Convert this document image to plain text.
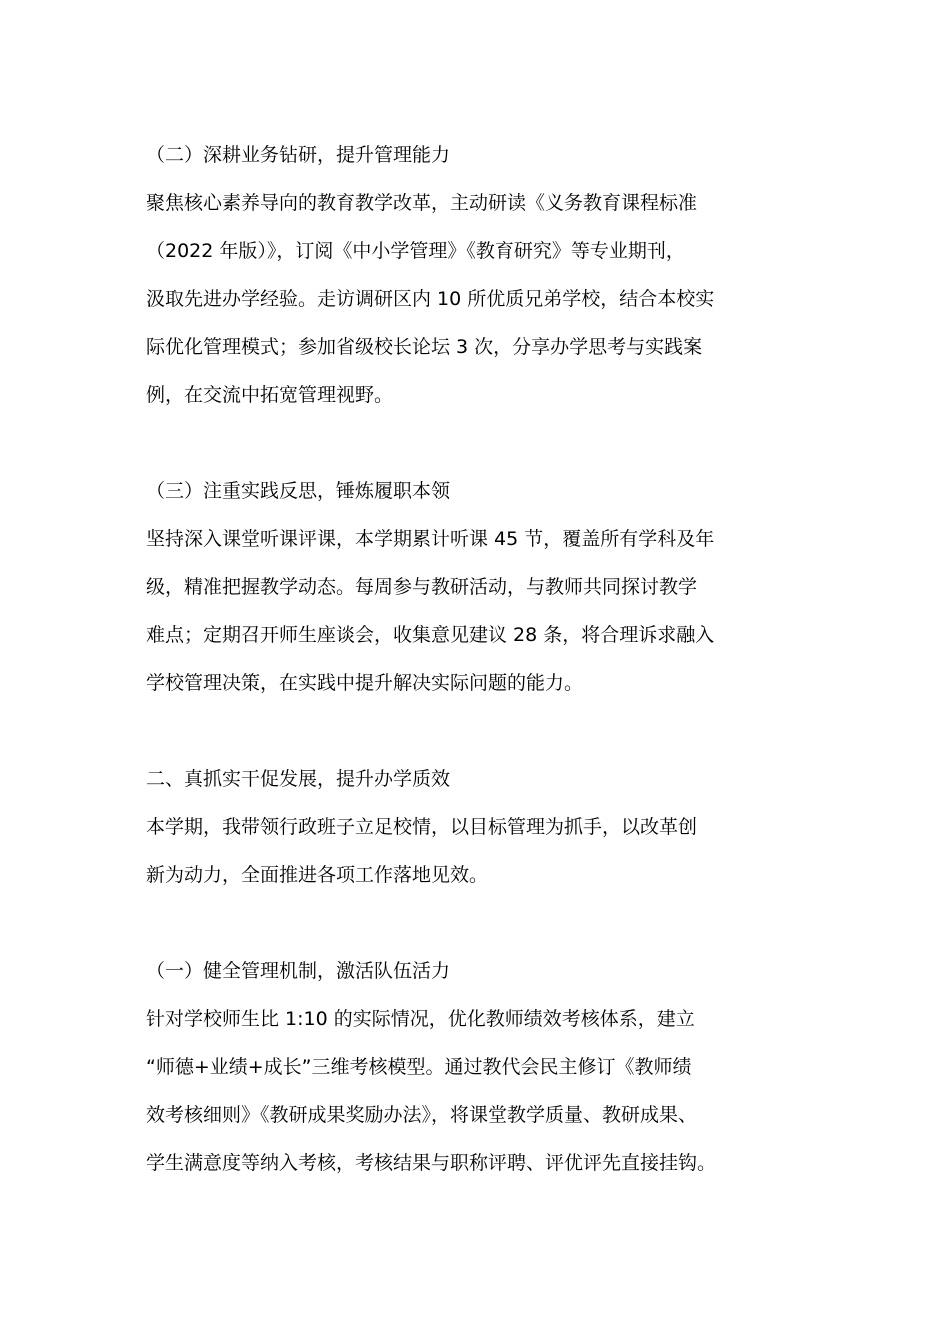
（二）深耕业务钻研，提升管理能力
聚焦核心素养导向的教育教学改革，主动研读《义务教育课程标准
（2022 年版）》，订阅《中小学管理》《教育研究》等专业期刊，
汲取先进办学经验。走访调研区内 10 所优质兄弟学校，结合本校实
际优化管理模式；参加省级校长论坛 3 次，分享办学思考与实践案
例，在交流中拓宽管理视野。
（三）注重实践反思，锤炼履职本领
坚持深入课堂听课评课，本学期累计听课 45 节，覆盖所有学科及年
级，精准把握教学动态。每周参与教研活动，与教师共同探讨教学
难点；定期召开师生座谈会，收集意见建议 28 条，将合理诉求融入
学校管理决策，在实践中提升解决实际问题的能力。
二、真抓实干促发展，提升办学质效
本学期，我带领行政班子立足校情，以目标管理为抓手，以改革创
新为动力，全面推进各项工作落地见效。
（一）健全管理机制，激活队伍活力
针对学校师生比 1:10 的实际情况，优化教师绩效考核体系，建立
“师德+业绩+成长”三维考核模型。通过教代会民主修订《教师绩
效考核细则》《教研成果奖励办法》，将课堂教学质量、教研成果、
学生满意度等纳入考核，考核结果与职称评聘、评优评先直接挂钩。
